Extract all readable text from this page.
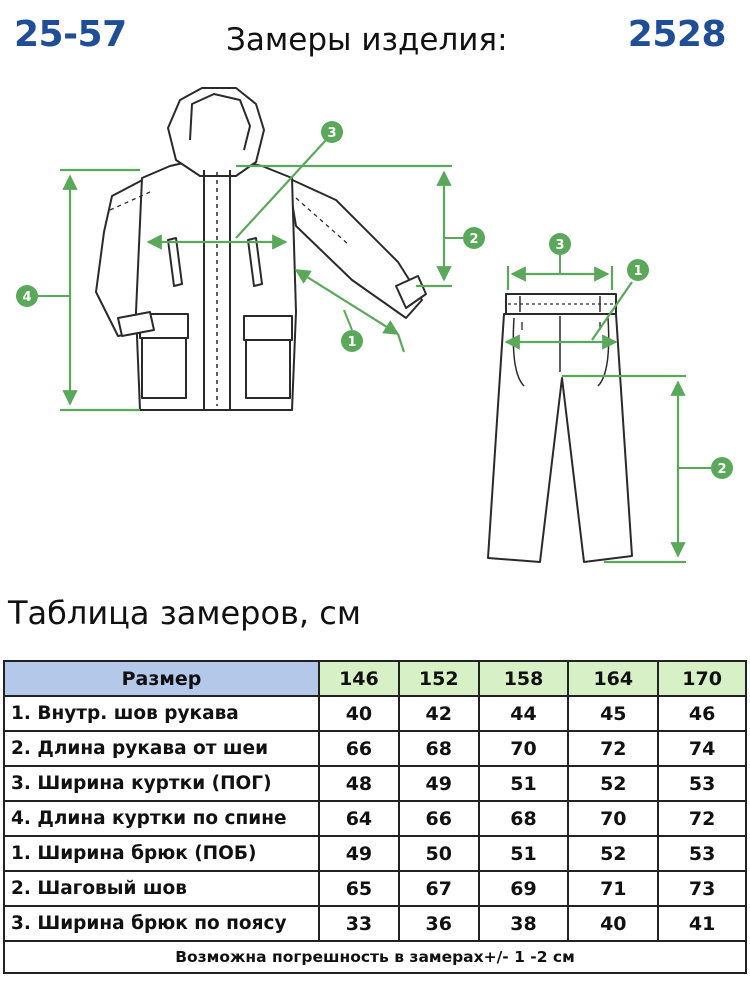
25-57	Замеры изделия:	2528
4
3
2
1
3
1
2
Таблица замеров, см
Размер	146	152	158	164	170
1. Внутр. шов рукава	40	42	44	45	46
2. Длина рукава от шеи	66	68	70	72	74
3. Ширина куртки (ПОГ)	48	49	51	52	53
4. Длина куртки по спине	64	66	68	70	72
1. Ширина брюк (ПОБ)	49	50	51	52	53
2. Шаговый шов	65	67	69	71	73
3. Ширина брюк по поясу	33	36	38	40	41
Возможна погрешность в замерах+/- 1 -2 см					
